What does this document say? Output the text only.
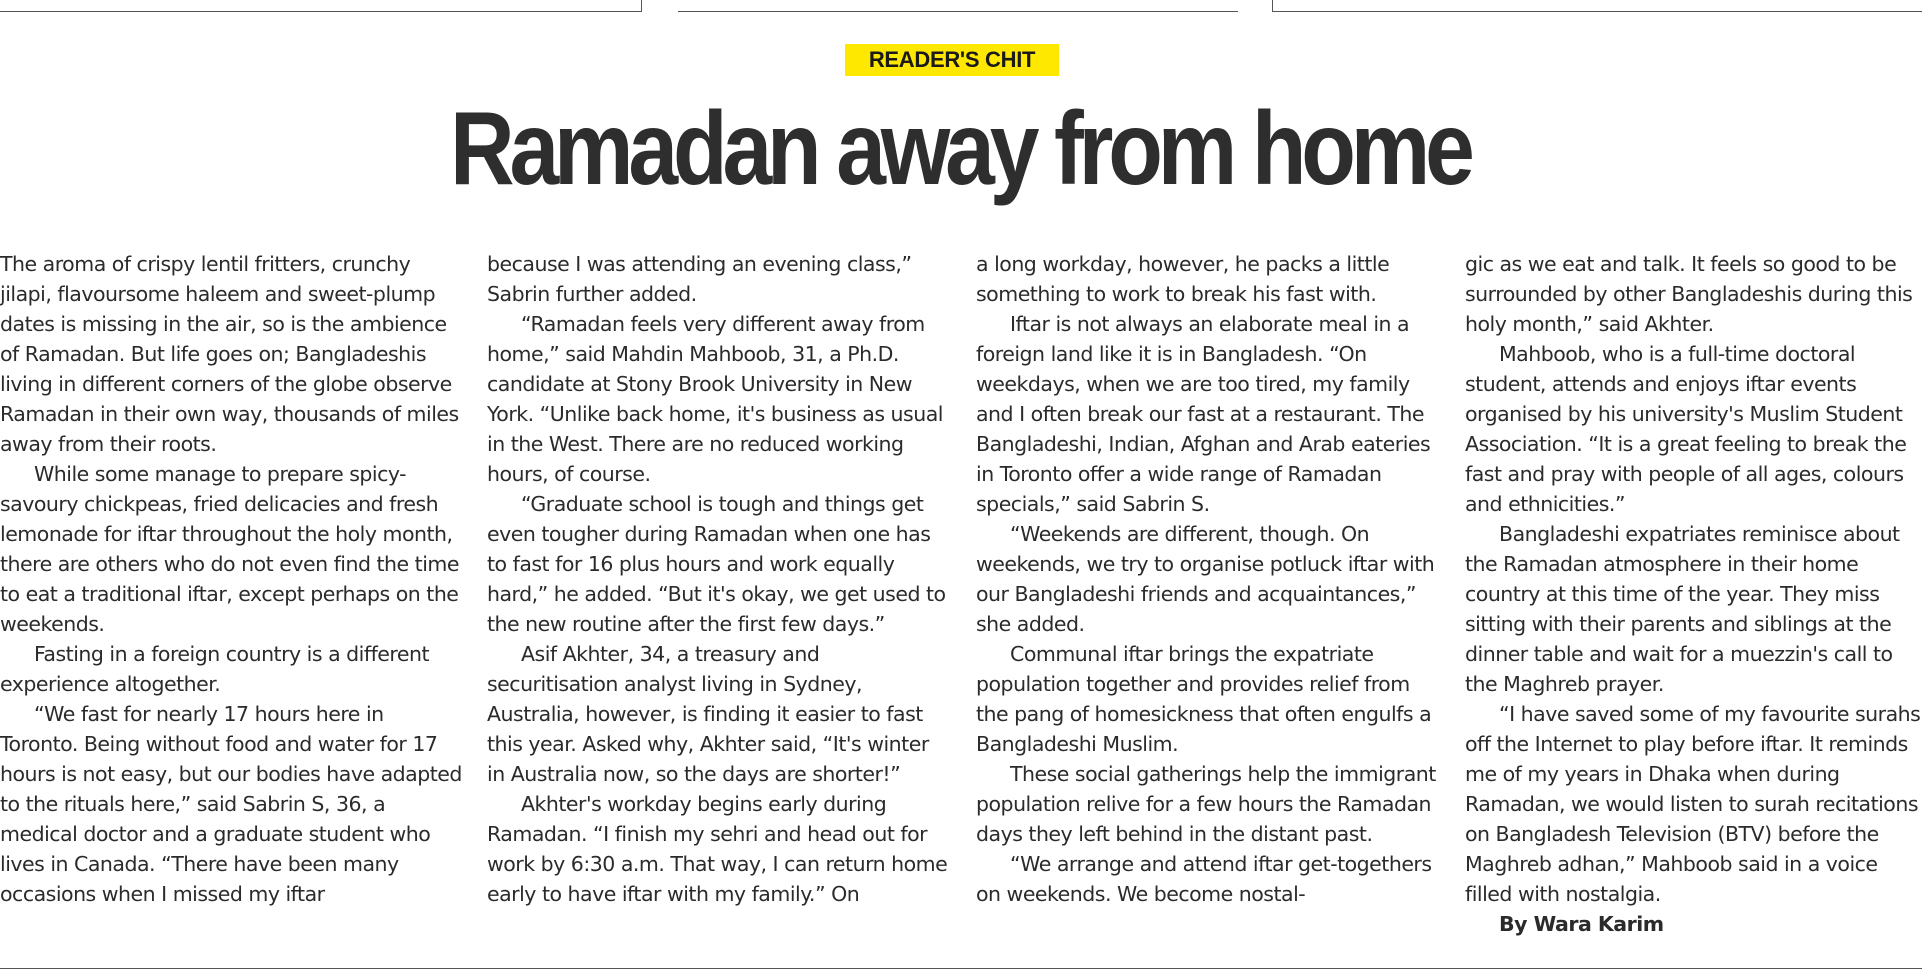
READER'S CHIT
Ramadan away from home

The aroma of crispy lentil fritters, crunchy jilapi, flavoursome haleem and sweet-plump dates is missing in the air, so is the ambience of Ramadan. But life goes on; Bangladeshis living in different corners of the globe observe Ramadan in their own way, thousands of miles away from their roots.

While some manage to prepare spicy-savoury chickpeas, fried delicacies and fresh lemonade for iftar throughout the holy month, there are others who do not even find the time to eat a traditional iftar, except perhaps on the weekends.

Fasting in a foreign country is a different experience altogether.

“We fast for nearly 17 hours here in Toronto. Being without food and water for 17 hours is not easy, but our bodies have adapted to the rituals here,” said Sabrin S, 36, a medical doctor and a graduate student who lives in Canada. “There have been many occasions when I missed my iftar

because I was attending an evening class,” Sabrin further added.

“Ramadan feels very different away from home,” said Mahdin Mahboob, 31, a Ph.D. candidate at Stony Brook University in New York. “Unlike back home, it's business as usual in the West. There are no reduced working hours, of course.

“Graduate school is tough and things get even tougher during Ramadan when one has to fast for 16 plus hours and work equally hard,” he added. “But it's okay, we get used to the new routine after the first few days.”

Asif Akhter, 34, a treasury and securitisation analyst living in Sydney, Australia, however, is finding it easier to fast this year. Asked why, Akhter said, “It's winter in Australia now, so the days are shorter!”

Akhter's workday begins early during Ramadan. “I finish my sehri and head out for work by 6:30 a.m. That way, I can return home early to have iftar with my family.” On

a long workday, however, he packs a little something to work to break his fast with.

Iftar is not always an elaborate meal in a foreign land like it is in Bangladesh. “On weekdays, when we are too tired, my family and I often break our fast at a restaurant. The Bangladeshi, Indian, Afghan and Arab eateries in Toronto offer a wide range of Ramadan specials,” said Sabrin S.

“Weekends are different, though. On weekends, we try to organise potluck iftar with our Bangladeshi friends and acquaintances,” she added.

Communal iftar brings the expatriate population together and provides relief from the pang of homesickness that often engulfs a Bangladeshi Muslim.

These social gatherings help the immigrant population relive for a few hours the Ramadan days they left behind in the distant past.

“We arrange and attend iftar get-togethers on weekends. We become nostal-

gic as we eat and talk. It feels so good to be surrounded by other Bangladeshis during this holy month,” said Akhter.

Mahboob, who is a full-time doctoral student, attends and enjoys iftar events organised by his university's Muslim Student Association. “It is a great feeling to break the fast and pray with people of all ages, colours and ethnicities.”

Bangladeshi expatriates reminisce about the Ramadan atmosphere in their home country at this time of the year. They miss sitting with their parents and siblings at the dinner table and wait for a muezzin's call to the Maghreb prayer.

“I have saved some of my favourite surahs off the Internet to play before iftar. It reminds me of my years in Dhaka when during Ramadan, we would listen to surah recitations on Bangladesh Television (BTV) before the Maghreb adhan,” Mahboob said in a voice filled with nostalgia.

By Wara Karim
